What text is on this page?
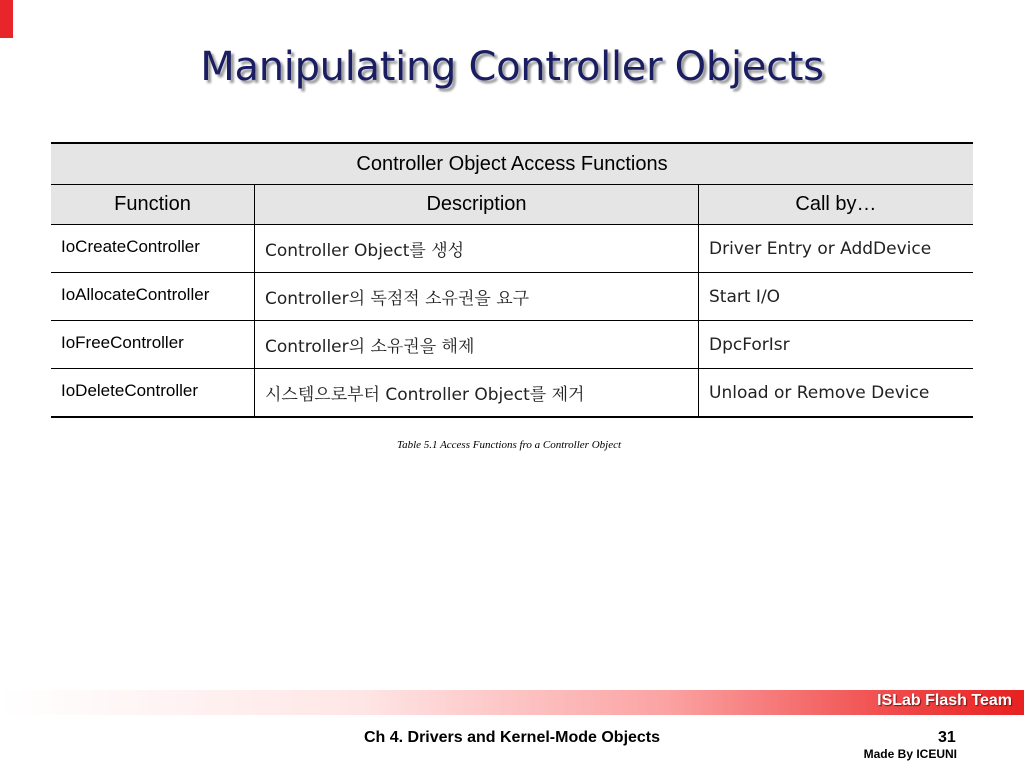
Manipulating Controller Objects
Controller Object Access Functions		
Function	Description	Call by…
IoCreateController	Controller Object를 생성	Driver Entry or AddDevice
IoAllocateController	Controller의 독점적 소유권을 요구	Start I/O
IoFreeController	Controller의 소유권을 해제	DpcForIsr
IoDeleteController	시스템으로부터 Controller Object를 제거	Unload or Remove Device
Table 5.1 Access Functions fro a Controller Object
ISLab Flash Team
Ch 4. Drivers and Kernel-Mode Objects	31
Made By ICEUNI
